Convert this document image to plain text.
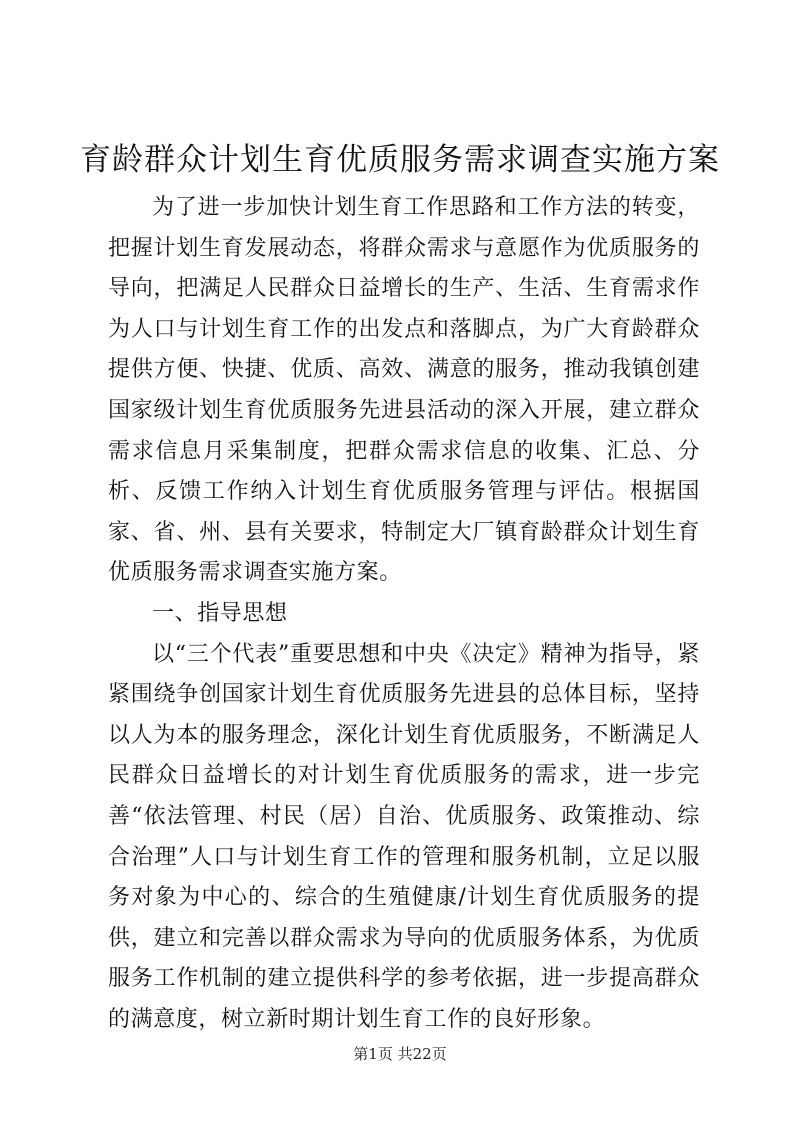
育龄群众计划生育优质服务需求调查实施方案

为了进一步加快计划生育工作思路和工作方法的转变，把握计划生育发展动态，将群众需求与意愿作为优质服务的导向，把满足人民群众日益增长的生产、生活、生育需求作为人口与计划生育工作的出发点和落脚点，为广大育龄群众提供方便、快捷、优质、高效、满意的服务，推动我镇创建国家级计划生育优质服务先进县活动的深入开展，建立群众需求信息月采集制度，把群众需求信息的收集、汇总、分析、反馈工作纳入计划生育优质服务管理与评估。根据国家、省、州、县有关要求，特制定大厂镇育龄群众计划生育优质服务需求调查实施方案。

一、指导思想

以“三个代表”重要思想和中央《决定》精神为指导，紧紧围绕争创国家计划生育优质服务先进县的总体目标，坚持以人为本的服务理念，深化计划生育优质服务，不断满足人民群众日益增长的对计划生育优质服务的需求，进一步完善“依法管理、村民（居）自治、优质服务、政策推动、综合治理”人口与计划生育工作的管理和服务机制，立足以服务对象为中心的、综合的生殖健康/计划生育优质服务的提供，建立和完善以群众需求为导向的优质服务体系，为优质服务工作机制的建立提供科学的参考依据，进一步提高群众的满意度，树立新时期计划生育工作的良好形象。

第1页 共22页
